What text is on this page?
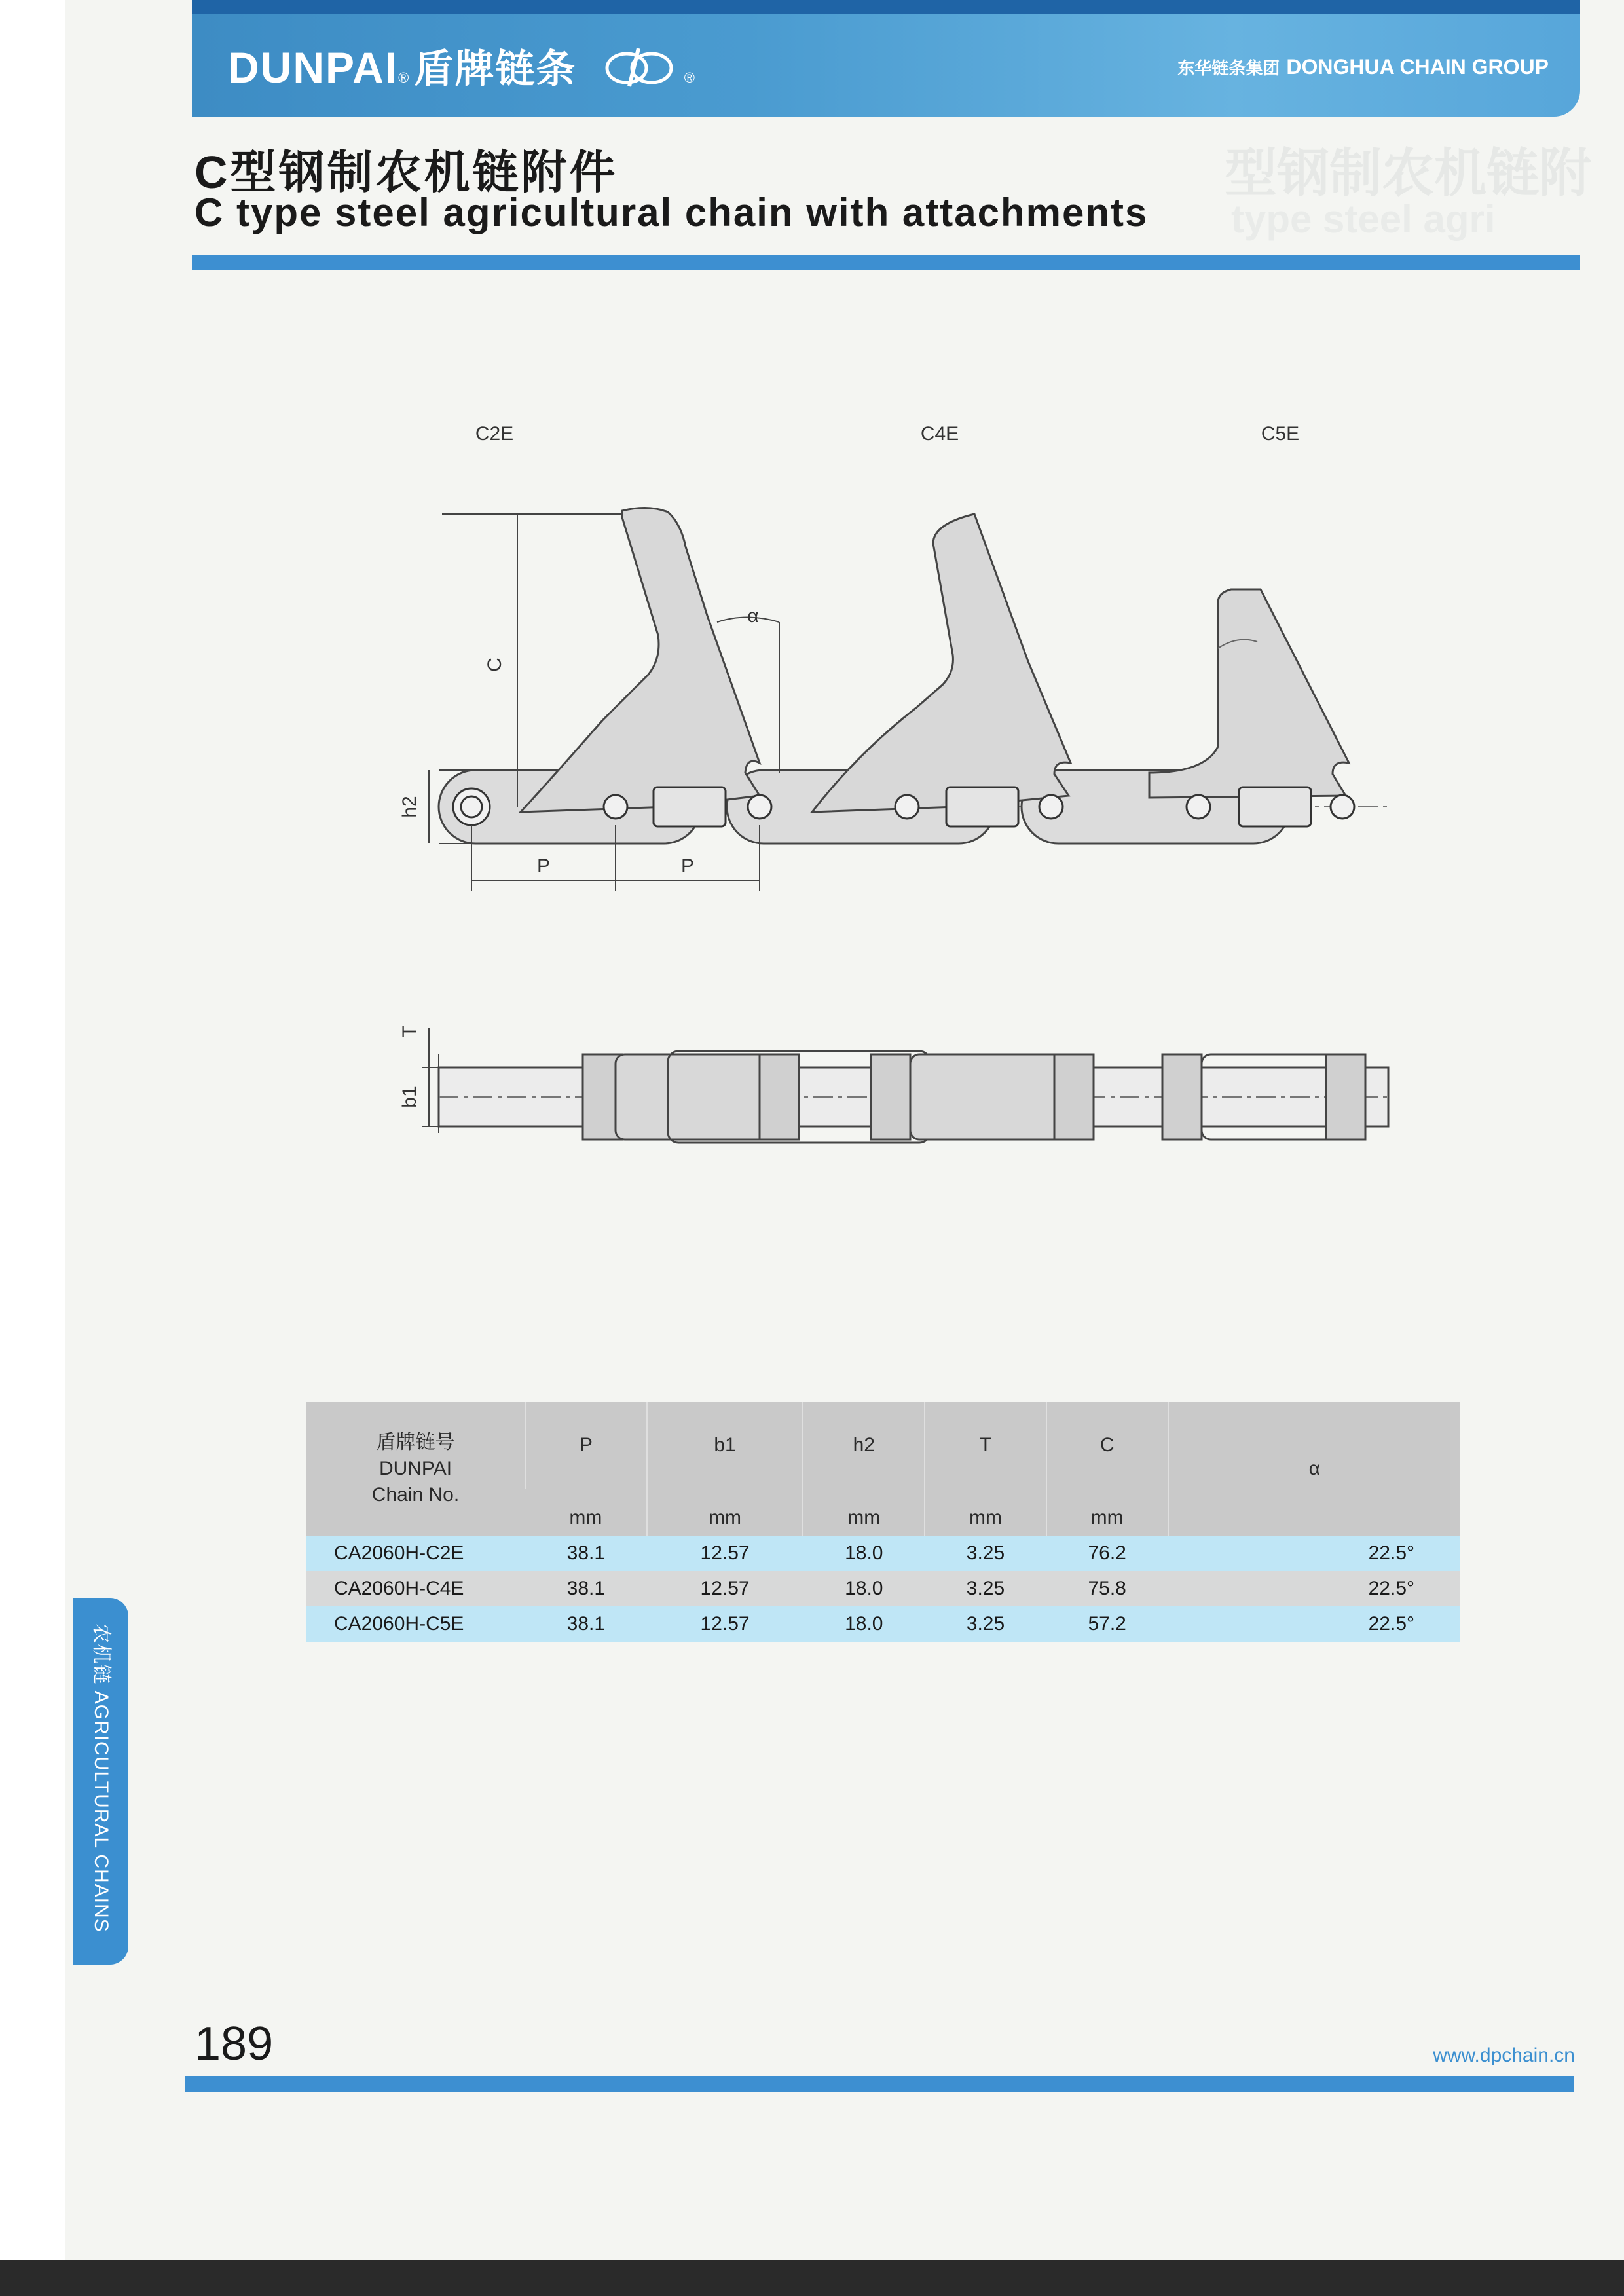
DUNPAI® 盾牌链条	®	东华链条集团 DONGHUA CHAIN GROUP
型钢制农机链附
type steel agri
C型钢制农机链附件
C type steel agricultural chain with attachments
C2E	C4E	C5E
C
h2
P	P
α
T
b1
盾牌链号
DUNPAI
Chain No.	P	b1	h2	T	C	α
	mm	mm	mm	mm	mm	
CA2060H-C2E	38.1	12.57	18.0	3.25	76.2	22.5°
CA2060H-C4E	38.1	12.57	18.0	3.25	75.8	22.5°
CA2060H-C5E	38.1	12.57	18.0	3.25	57.2	22.5°
农机链 AGRICULTURAL CHAINS
189	www.dpchain.cn
